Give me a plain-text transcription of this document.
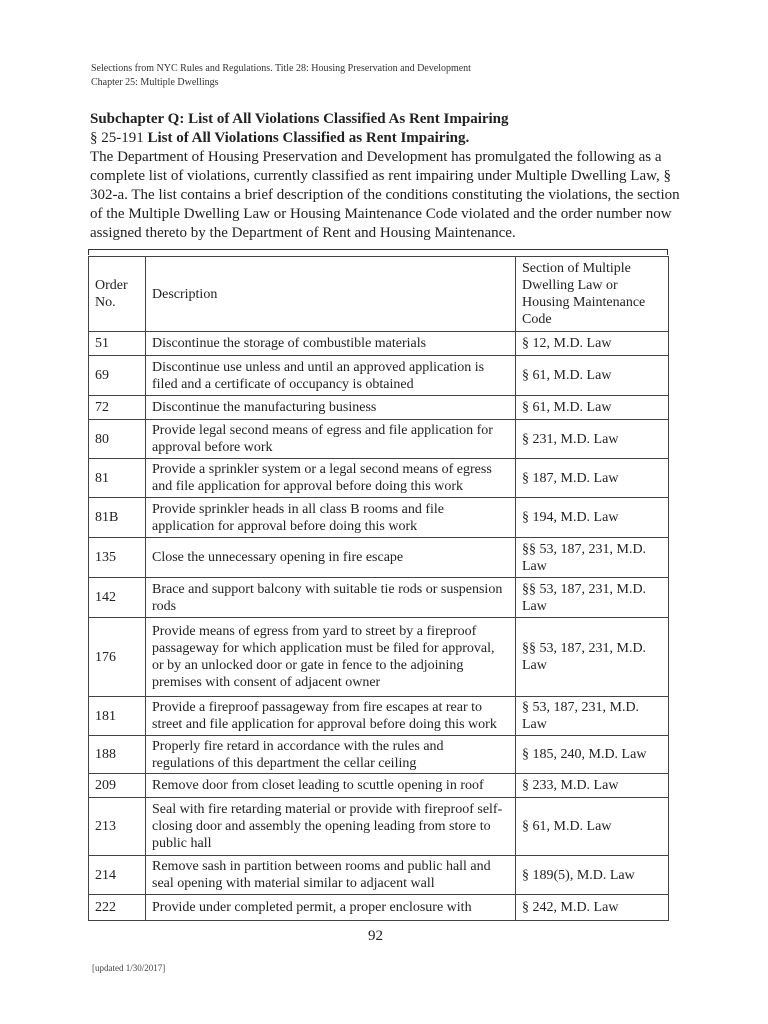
Selections from NYC Rules and Regulations. Title 28: Housing Preservation and Development
Chapter 25: Multiple Dwellings
Subchapter Q: List of All Violations Classified As Rent Impairing
§ 25-191 List of All Violations Classified as Rent Impairing.
The Department of Housing Preservation and Development has promulgated the following as a complete list of violations, currently classified as rent impairing under Multiple Dwelling Law, § 302-a. The list contains a brief description of the conditions constituting the violations, the section of the Multiple Dwelling Law or Housing Maintenance Code violated and the order number now assigned thereto by the Department of Rent and Housing Maintenance.
Order No.	Description	Section of Multiple Dwelling Law or Housing Maintenance Code
51	Discontinue the storage of combustible materials	§ 12, M.D. Law
69	Discontinue use unless and until an approved application is filed and a certificate of occupancy is obtained	§ 61, M.D. Law
72	Discontinue the manufacturing business	§ 61, M.D. Law
80	Provide legal second means of egress and file application for approval before work	§ 231, M.D. Law
81	Provide a sprinkler system or a legal second means of egress and file application for approval before doing this work	§ 187, M.D. Law
81B	Provide sprinkler heads in all class B rooms and file application for approval before doing this work	§ 194, M.D. Law
135	Close the unnecessary opening in fire escape	§§ 53, 187, 231, M.D. Law
142	Brace and support balcony with suitable tie rods or suspension rods	§§ 53, 187, 231, M.D. Law
176	Provide means of egress from yard to street by a fireproof passageway for which application must be filed for approval, or by an unlocked door or gate in fence to the adjoining premises with consent of adjacent owner	§§ 53, 187, 231, M.D. Law
181	Provide a fireproof passageway from fire escapes at rear to street and file application for approval before doing this work	§ 53, 187, 231, M.D. Law
188	Properly fire retard in accordance with the rules and regulations of this department the cellar ceiling	§ 185, 240, M.D. Law
209	Remove door from closet leading to scuttle opening in roof	§ 233, M.D. Law
213	Seal with fire retarding material or provide with fireproof self-closing door and assembly the opening leading from store to public hall	§ 61, M.D. Law
214	Remove sash in partition between rooms and public hall and seal opening with material similar to adjacent wall	§ 189(5), M.D. Law
222	Provide under completed permit, a proper enclosure with	§ 242, M.D. Law
92
[updated 1/30/2017]
